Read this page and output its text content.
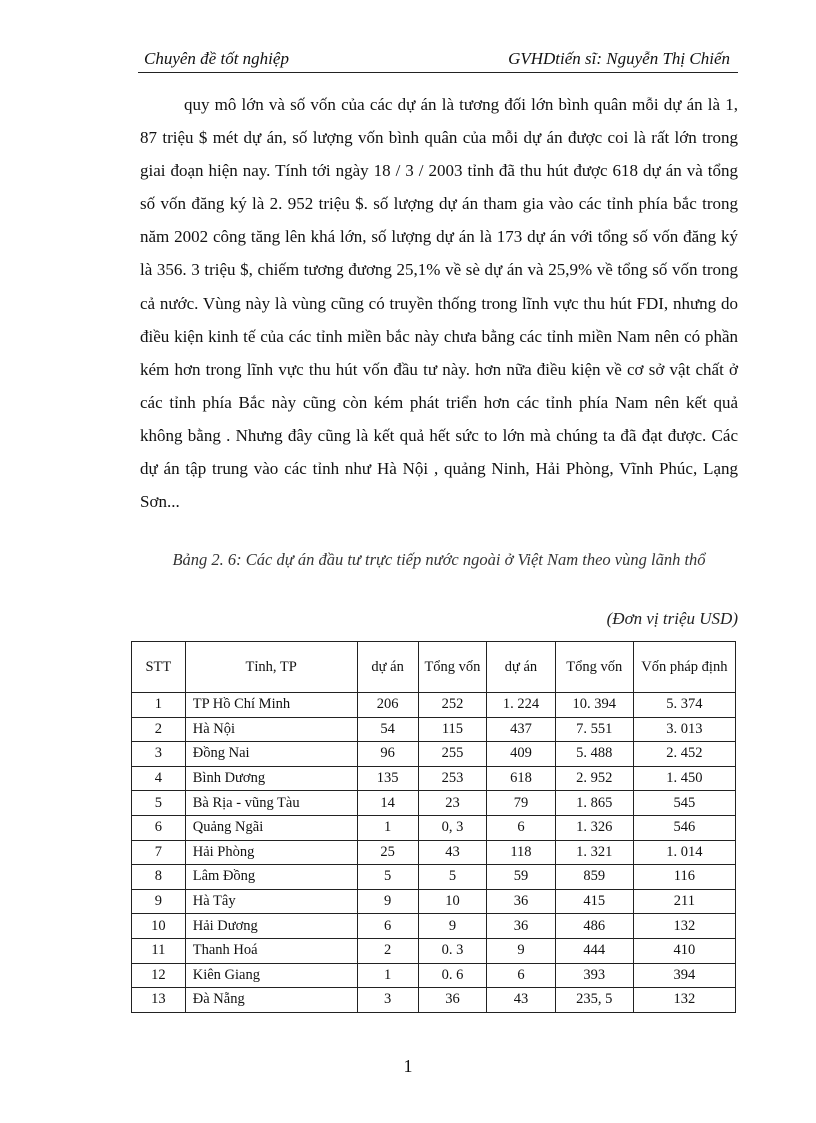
Chuyên đề tốt nghiệp	GVHDtiến sĩ: Nguyễn Thị Chiến

quy mô lớn và số vốn của các dự án là tương đối lớn bình quân mỗi dự án là 1, 87 triệu $ mét dự án, số lượng vốn bình quân của mỗi dự án được coi là rất lớn trong giai đoạn hiện nay. Tính tới ngày 18 / 3 / 2003 tỉnh đã thu hút được 618 dự án và tổng số vốn đăng ký là 2. 952 triệu $. số lượng dự án tham gia vào các tỉnh phía bắc trong năm 2002 công tăng lên khá lớn, số lượng dự án là 173 dự án với tổng số vốn đăng ký là 356. 3 triệu $, chiếm tương đương 25,1% về sè dự án và 25,9% về tổng số vốn trong cả nước. Vùng này là vùng cũng có truyền thống trong lĩnh vực thu hút FDI, nhưng do điều kiện kinh tế của các tỉnh miền bắc này chưa bằng các tỉnh miền Nam nên có phần kém hơn trong lĩnh vực thu hút vốn đầu tư này. hơn nữa điều kiện về cơ sở vật chất ở các tỉnh phía Bắc này cũng còn kém phát triển hơn các tỉnh phía Nam nên kết quả không bằng . Nhưng đây cũng là kết quả hết sức to lớn mà chúng ta đã đạt được. Các dự án tập trung vào các tỉnh như Hà Nội , quảng Ninh, Hải Phòng, Vĩnh Phúc, Lạng Sơn...

Bảng 2. 6: Các dự án đầu tư trực tiếp nước ngoài ở Việt Nam theo vùng lãnh thổ
(Đơn vị triệu USD)
STT	Tỉnh, TP	dự án	Tổng vốn	dự án	Tổng vốn	Vốn pháp định
1	TP Hồ Chí Minh	206	252	1. 224	10. 394	5. 374
2	Hà Nội	54	115	437	7. 551	3. 013
3	Đồng Nai	96	255	409	5. 488	2. 452
4	Bình Dương	135	253	618	2. 952	1. 450
5	Bà Rịa - vũng Tàu	14	23	79	1. 865	545
6	Quảng Ngãi	1	0, 3	6	1. 326	546
7	Hải Phòng	25	43	118	1. 321	1. 014
8	Lâm Đồng	5	5	59	859	116
9	Hà Tây	9	10	36	415	211
10	Hải Dương	6	9	36	486	132
11	Thanh Hoá	2	0. 3	9	444	410
12	Kiên Giang	1	0. 6	6	393	394
13	Đà Nẵng	3	36	43	235, 5	132
1
